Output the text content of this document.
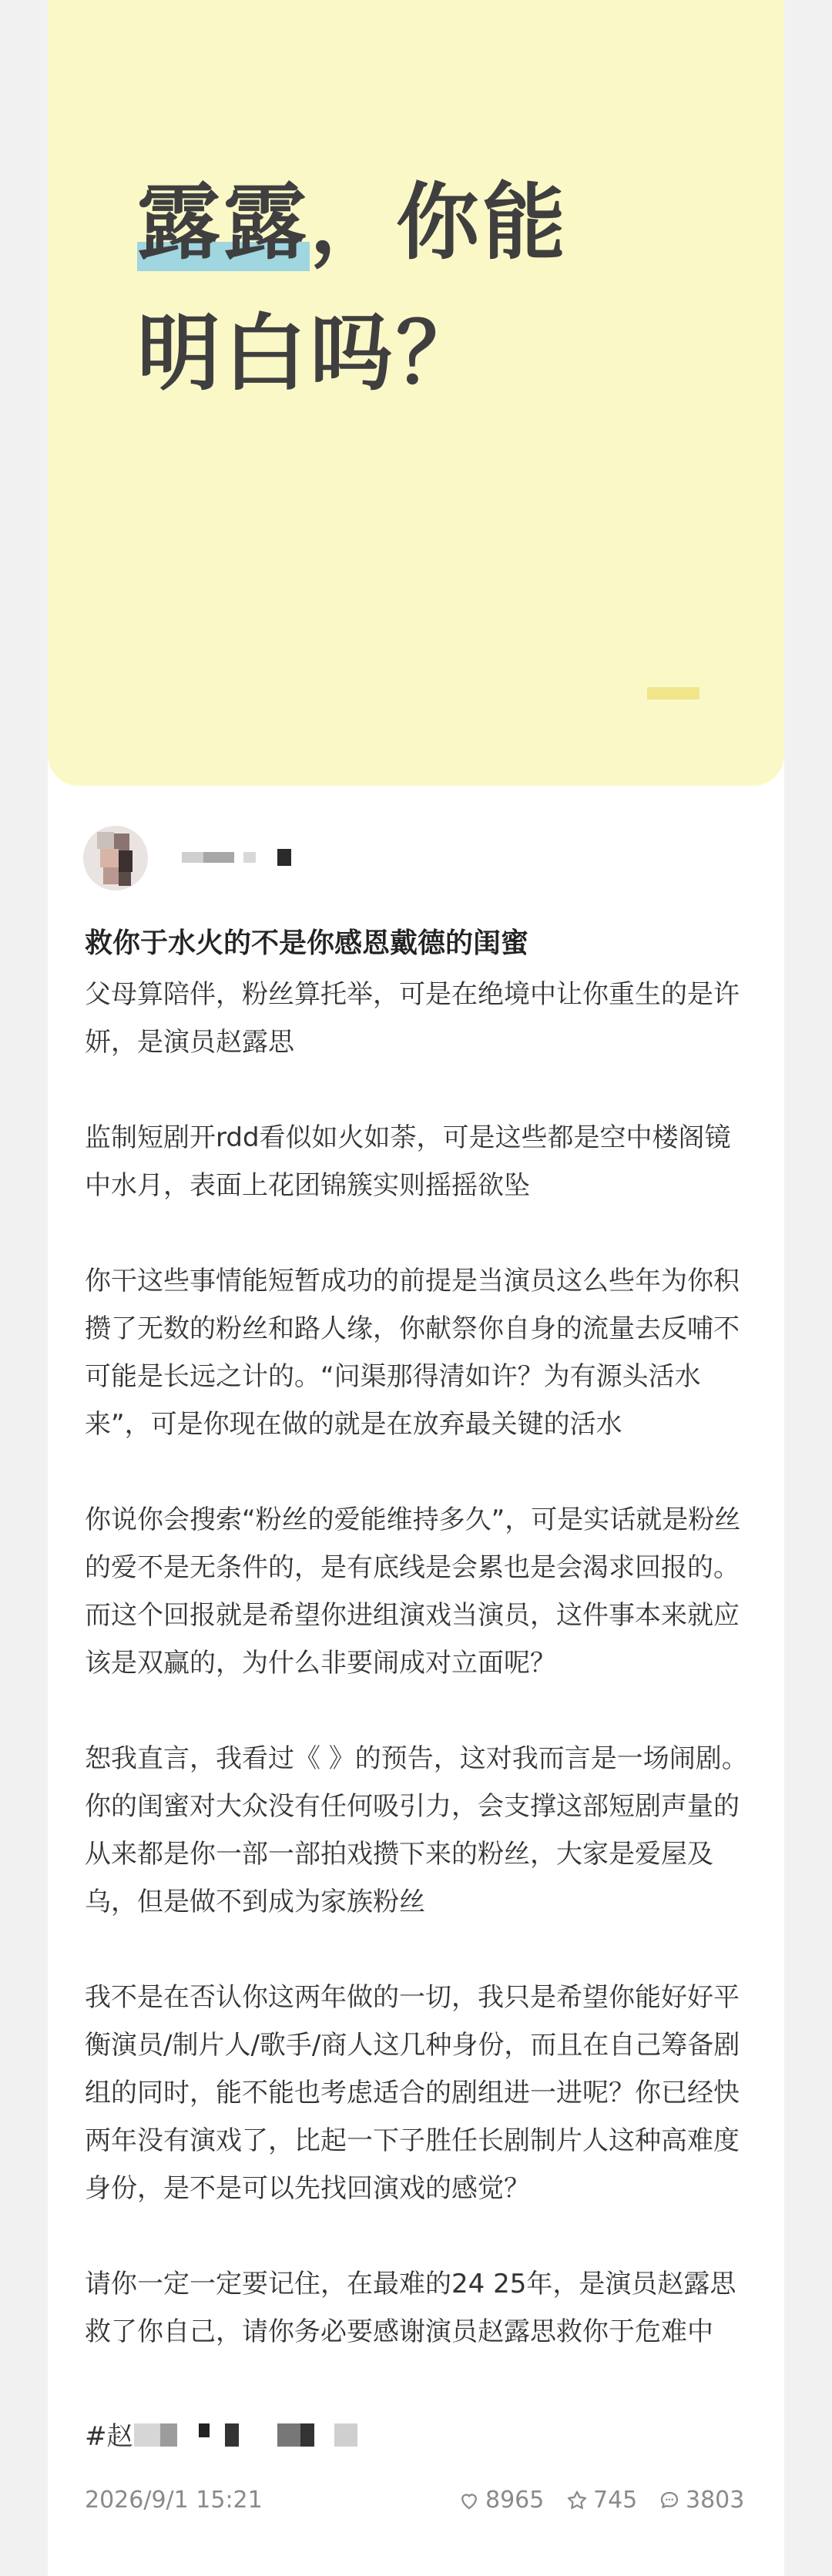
露露，你能
明白吗？
救你于水火的不是你感恩戴德的闺蜜

父母算陪伴，粉丝算托举，可是在绝境中让你重生的是许妍，是演员赵露思

监制短剧开rdd看似如火如荼，可是这些都是空中楼阁镜中水月，表面上花团锦簇实则摇摇欲坠

你干这些事情能短暂成功的前提是当演员这么些年为你积攒了无数的粉丝和路人缘，你献祭你自身的流量去反哺不可能是长远之计的。“问渠那得清如许？为有源头活水来”，可是你现在做的就是在放弃最关键的活水

你说你会搜索“粉丝的爱能维持多久”，可是实话就是粉丝的爱不是无条件的，是有底线是会累也是会渴求回报的。而这个回报就是希望你进组演戏当演员，这件事本来就应该是双赢的，为什么非要闹成对立面呢？

恕我直言，我看过《 》的预告，这对我而言是一场闹剧。你的闺蜜对大众没有任何吸引力，会支撑这部短剧声量的从来都是你一部一部拍戏攒下来的粉丝，大家是爱屋及乌，但是做不到成为家族粉丝

我不是在否认你这两年做的一切，我只是希望你能好好平衡演员/制片人/歌手/商人这几种身份，而且在自己筹备剧组的同时，能不能也考虑适合的剧组进一进呢？你已经快两年没有演戏了，比起一下子胜任长剧制片人这种高难度身份，是不是可以先找回演戏的感觉？

请你一定一定要记住，在最难的24 25年，是演员赵露思救了你自己，请你务必要感谢演员赵露思救你于危难中

#赵
2026/9/1 15:21	8965 745 3803
